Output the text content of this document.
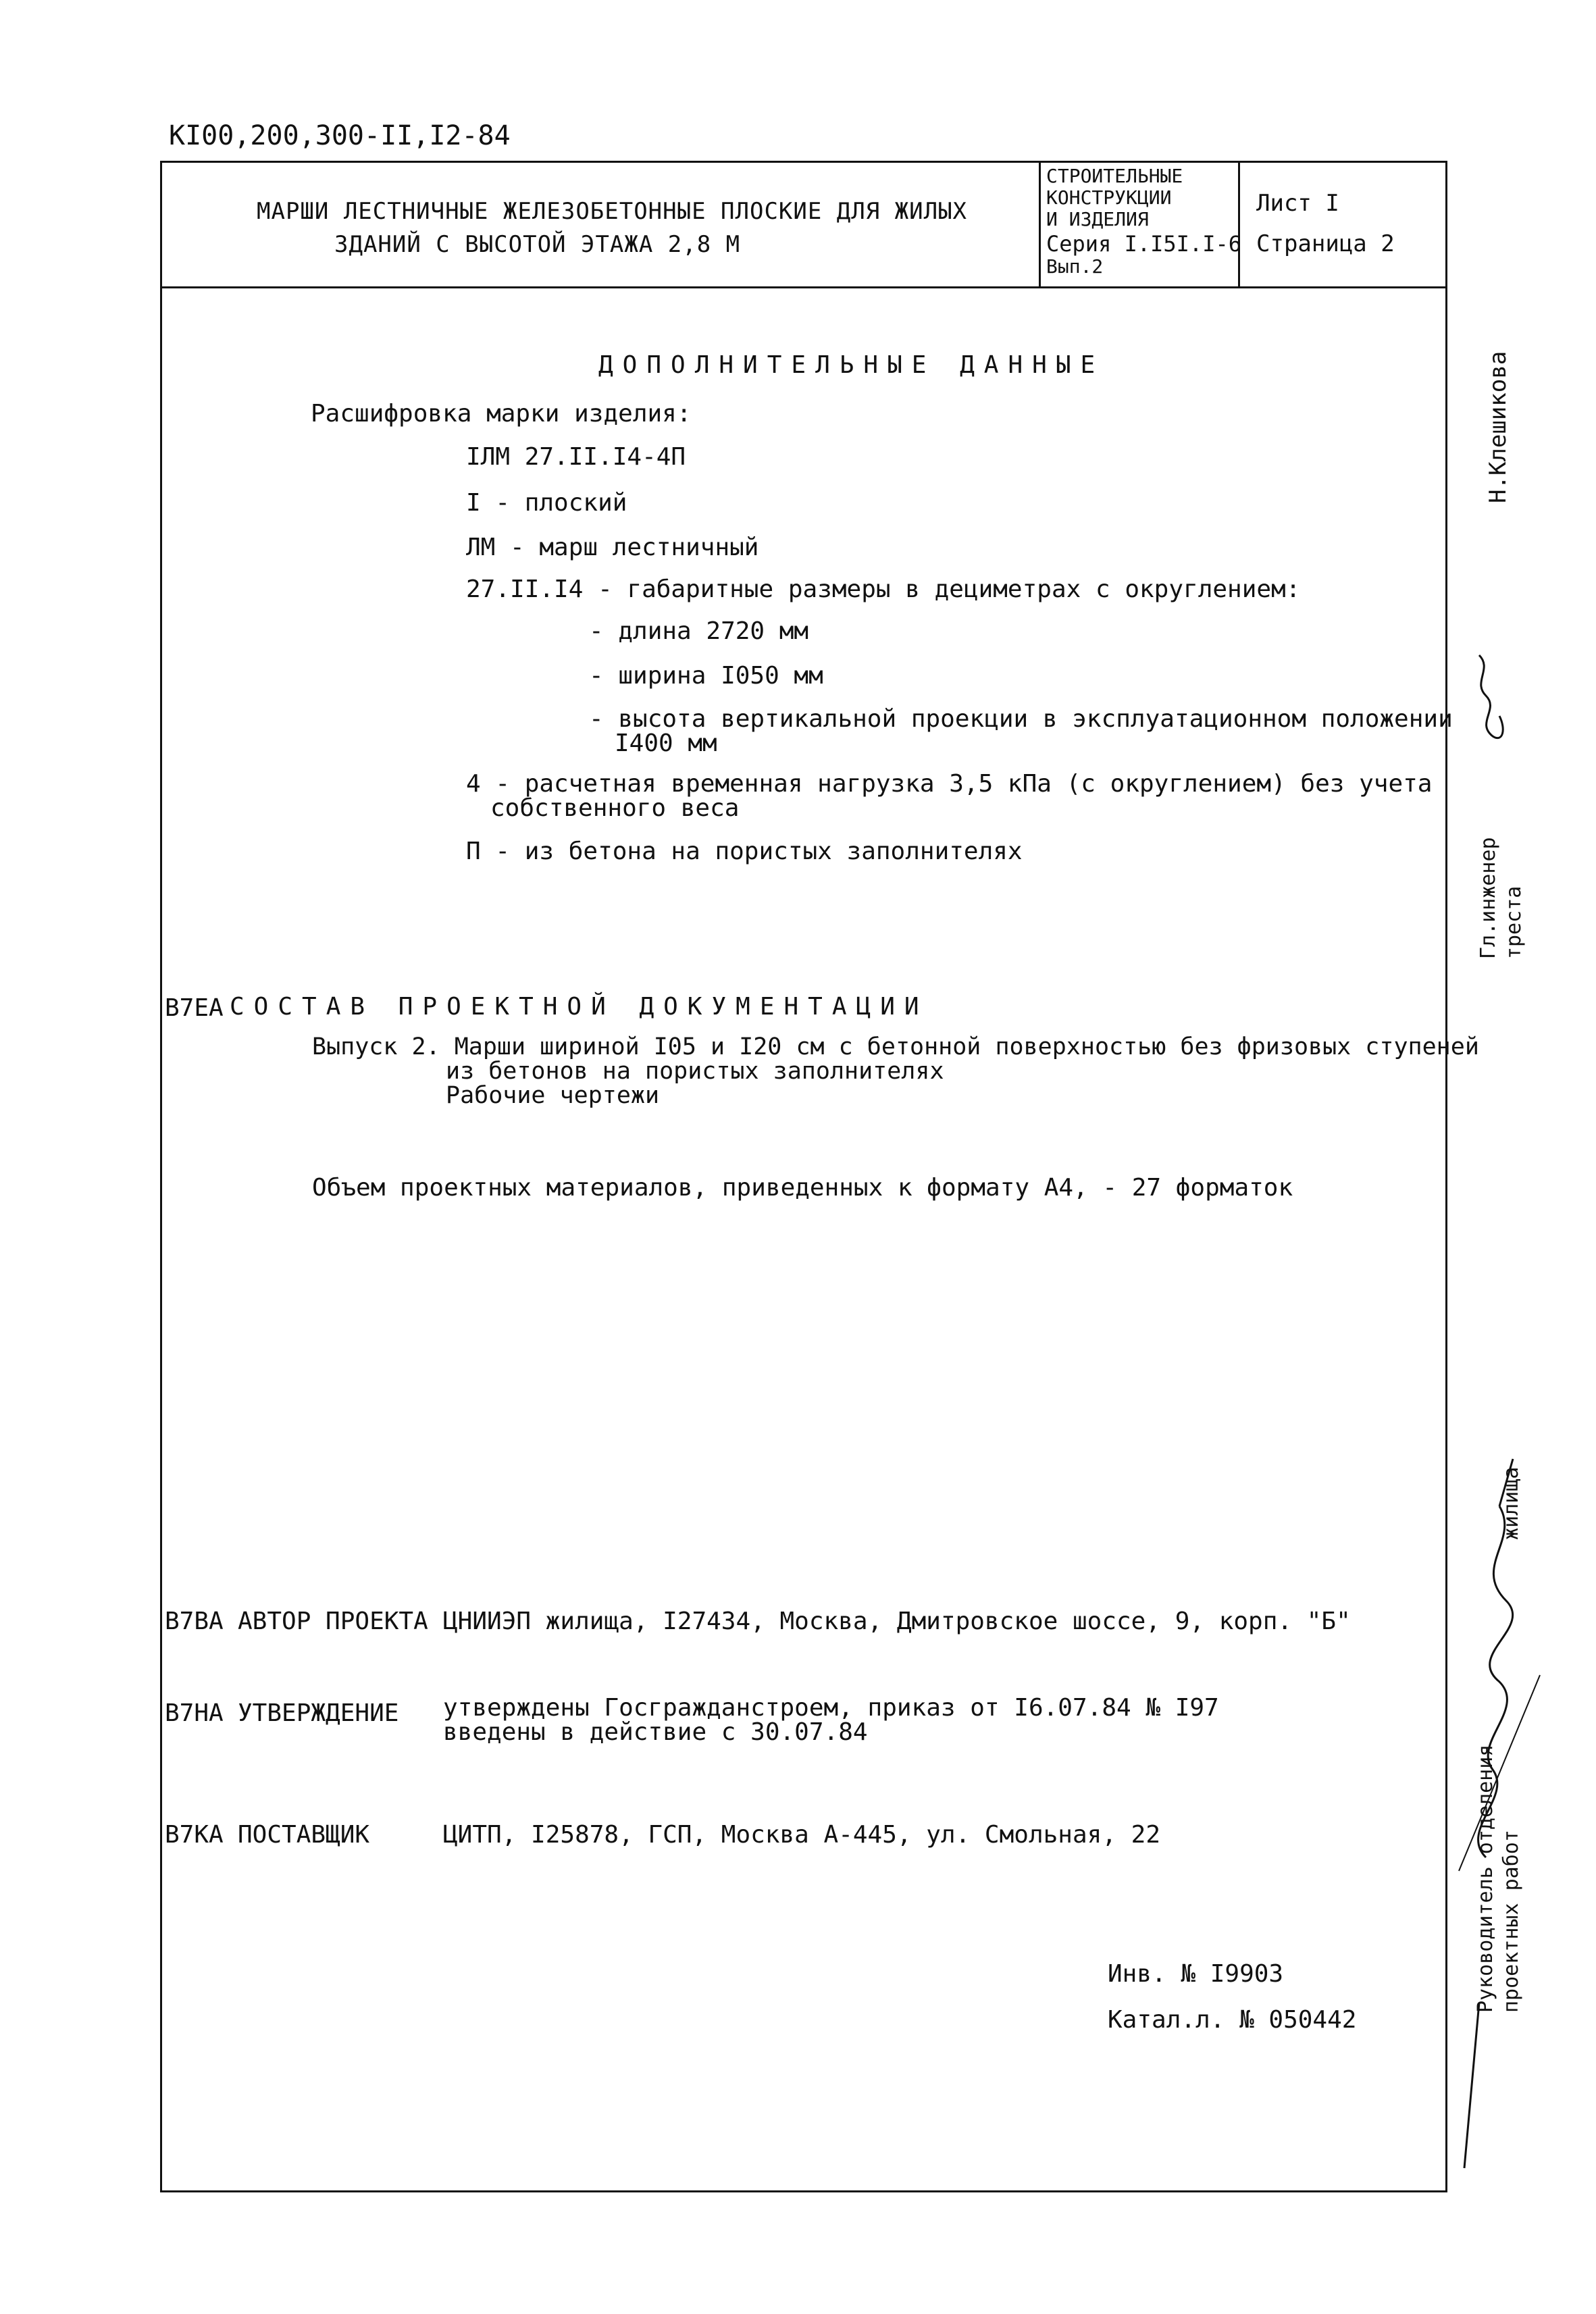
КI00,200,300-II,I2-84
МАРШИ ЛЕСТНИЧНЫЕ ЖЕЛЕЗОБЕТОННЫЕ ПЛОСКИЕ ДЛЯ ЖИЛЫХ
ЗДАНИЙ С ВЫСОТОЙ ЭТАЖА 2,8 М
СТРОИТЕЛЬНЫЕ
КОНСТРУКЦИИ
И ИЗДЕЛИЯ
Серия I.I5I.I-6
Вып.2
Лист I
Страница 2
ДОПОЛНИТЕЛЬНЫЕ ДАННЫЕ
Расшифровка марки изделия:
IЛМ 27.II.I4-4П
I - плоский
ЛМ - марш лестничный
27.II.I4 - габаритные размеры в дециметрах с округлением:
- длина 2720 мм
- ширина I050 мм
- высота вертикальной проекции в эксплуатационном положении
I400 мм
4 - расчетная временная нагрузка 3,5 кПа (с округлением) без учета
собственного веса
П - из бетона на пористых заполнителях
В7ЕА СОСТАВ ПРОЕКТНОЙ ДОКУМЕНТАЦИИ
Выпуск 2. Марши шириной I05 и I20 см с бетонной поверхностью без фризовых ступеней
из бетонов на пористых заполнителях
Рабочие чертежи
Объем проектных материалов, приведенных к формату А4, - 27 форматок
В7ВА АВТОР ПРОЕКТА ЦНИИЭП жилища, I27434, Москва, Дмитровское шоссе, 9, корп. "Б"
В7НА УТВЕРЖДЕНИЕ утверждены Госгражданстроем, приказ от I6.07.84 № I97
введены в действие с 30.07.84
В7КА ПОСТАВЩИК	ЦИТП, I25878, ГСП, Москва А-445, ул. Смольная, 22
Инв. № I9903
Катал.л. № 050442
Н.Клешикова
Гл.инженер треста
Руководитель отделения проектных работ
жилища
